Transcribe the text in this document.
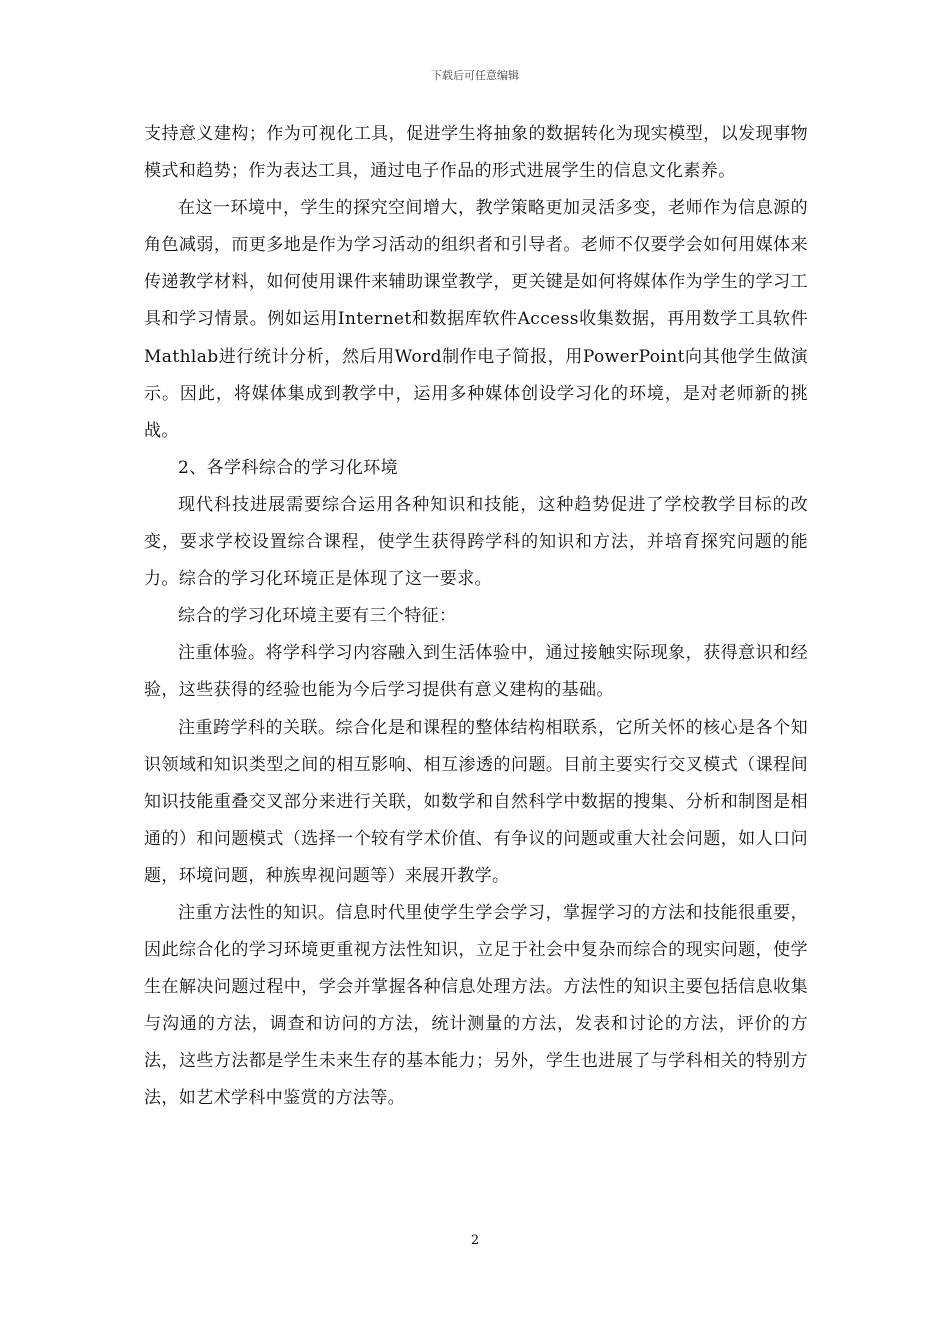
下载后可任意编辑

支持意义建构；作为可视化工具，促进学生将抽象的数据转化为现实模型，以发现事物模式和趋势；作为表达工具，通过电子作品的形式进展学生的信息文化素养。

在这一环境中，学生的探究空间增大，教学策略更加灵活多变，老师作为信息源的角色减弱，而更多地是作为学习活动的组织者和引导者。老师不仅要学会如何用媒体来传递教学材料，如何使用课件来辅助课堂教学，更关键是如何将媒体作为学生的学习工具和学习情景。例如运用Internet和数据库软件Access收集数据，再用数学工具软件Mathlab进行统计分析，然后用Word制作电子简报，用PowerPoint向其他学生做演示。因此，将媒体集成到教学中，运用多种媒体创设学习化的环境，是对老师新的挑战。

2、各学科综合的学习化环境

现代科技进展需要综合运用各种知识和技能，这种趋势促进了学校教学目标的改变，要求学校设置综合课程，使学生获得跨学科的知识和方法，并培育探究问题的能力。综合的学习化环境正是体现了这一要求。

综合的学习化环境主要有三个特征：

注重体验。将学科学习内容融入到生活体验中，通过接触实际现象，获得意识和经验，这些获得的经验也能为今后学习提供有意义建构的基础。

注重跨学科的关联。综合化是和课程的整体结构相联系，它所关怀的核心是各个知识领域和知识类型之间的相互影响、相互渗透的问题。目前主要实行交叉模式（课程间知识技能重叠交叉部分来进行关联，如数学和自然科学中数据的搜集、分析和制图是相通的）和问题模式（选择一个较有学术价值、有争议的问题或重大社会问题，如人口问题，环境问题，种族卑视问题等）来展开教学。

注重方法性的知识。信息时代里使学生学会学习，掌握学习的方法和技能很重要，因此综合化的学习环境更重视方法性知识，立足于社会中复杂而综合的现实问题，使学生在解决问题过程中，学会并掌握各种信息处理方法。方法性的知识主要包括信息收集与沟通的方法，调查和访问的方法，统计测量的方法，发表和讨论的方法，评价的方法，这些方法都是学生未来生存的基本能力；另外，学生也进展了与学科相关的特别方法，如艺术学科中鉴赏的方法等。

2
